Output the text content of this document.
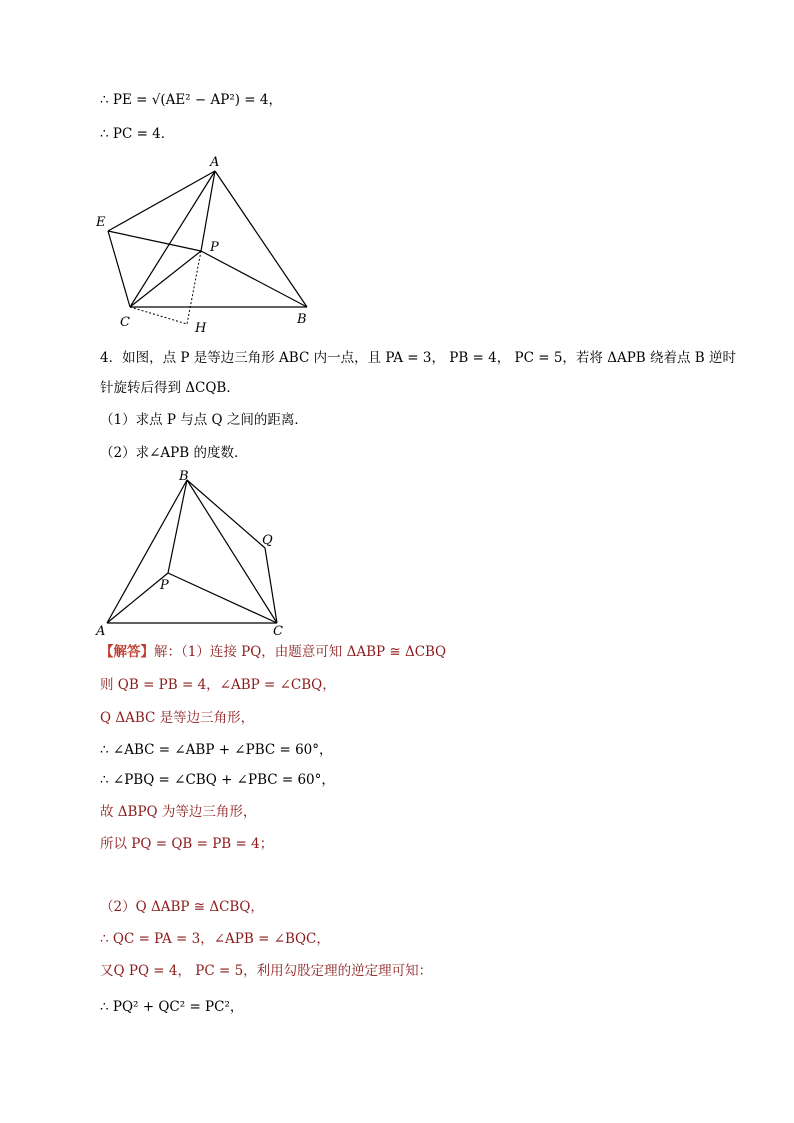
∴ PE = √(AE² − AP²) = 4，
∴ PC = 4．
A
E
P
C	H
B
4．如图，点 P 是等边三角形 ABC 内一点，且 PA = 3， PB = 4， PC = 5，若将 ΔAPB 绕着点 B 逆时
针旋转后得到 ΔCQB．
（1）求点 P 与点 Q 之间的距离．
（2）求∠APB 的度数．
B
Q
P
A	C
【解答】解：（1）连接 PQ，由题意可知 ΔABP ≅ ΔCBQ
则 QB = PB = 4，∠ABP = ∠CBQ，
Q ΔABC 是等边三角形，
∴ ∠ABC = ∠ABP + ∠PBC = 60°，
∴ ∠PBQ = ∠CBQ + ∠PBC = 60°，
故 ΔBPQ 为等边三角形，
所以 PQ = QB = PB = 4；
（2）Q ΔABP ≅ ΔCBQ，
∴ QC = PA = 3，∠APB = ∠BQC，
又Q PQ = 4， PC = 5，利用勾股定理的逆定理可知：
∴ PQ² + QC² = PC²，
